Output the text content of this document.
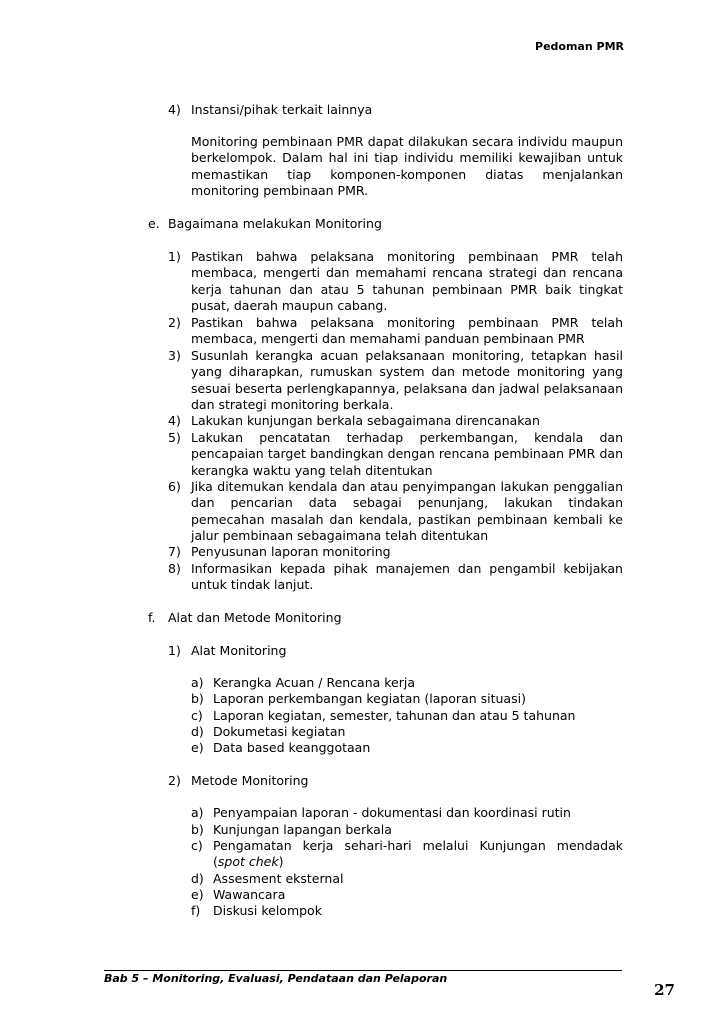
Pedoman PMR
4) Instansi/pihak terkait lainnya
Monitoring pembinaan PMR dapat dilakukan secara individu maupun berkelompok. Dalam hal ini tiap individu memiliki kewajiban untuk memastikan tiap komponen-komponen diatas menjalankan monitoring pembinaan PMR.
e. Bagaimana melakukan Monitoring
1) Pastikan bahwa pelaksana monitoring pembinaan PMR telah membaca, mengerti dan memahami rencana strategi dan rencana kerja tahunan dan atau 5 tahunan pembinaan PMR baik tingkat pusat, daerah maupun cabang.
2) Pastikan bahwa pelaksana monitoring pembinaan PMR telah membaca, mengerti dan memahami panduan pembinaan PMR
3) Susunlah kerangka acuan pelaksanaan monitoring, tetapkan hasil yang diharapkan, rumuskan system dan metode monitoring yang sesuai beserta perlengkapannya, pelaksana dan jadwal pelaksanaan dan strategi monitoring berkala.
4) Lakukan kunjungan berkala sebagaimana direncanakan
5) Lakukan pencatatan terhadap perkembangan, kendala dan pencapaian target bandingkan dengan rencana pembinaan PMR dan kerangka waktu yang telah ditentukan
6) Jika ditemukan kendala dan atau penyimpangan lakukan penggalian dan pencarian data sebagai penunjang, lakukan tindakan pemecahan masalah dan kendala, pastikan pembinaan kembali ke jalur pembinaan sebagaimana telah ditentukan
7) Penyusunan laporan monitoring
8) Informasikan kepada pihak manajemen dan pengambil kebijakan untuk tindak lanjut.
f. Alat dan Metode Monitoring
1) Alat Monitoring
a) Kerangka Acuan / Rencana kerja
b) Laporan perkembangan kegiatan (laporan situasi)
c) Laporan kegiatan, semester, tahunan dan atau 5 tahunan
d) Dokumetasi kegiatan
e) Data based keanggotaan
2) Metode Monitoring
a) Penyampaian laporan - dokumentasi dan koordinasi rutin
b) Kunjungan lapangan berkala
c) Pengamatan kerja sehari-hari melalui Kunjungan mendadak (spot chek)
d) Assesment eksternal
e) Wawancara
f) Diskusi kelompok
Bab 5 – Monitoring, Evaluasi, Pendataan dan Pelaporan
27
